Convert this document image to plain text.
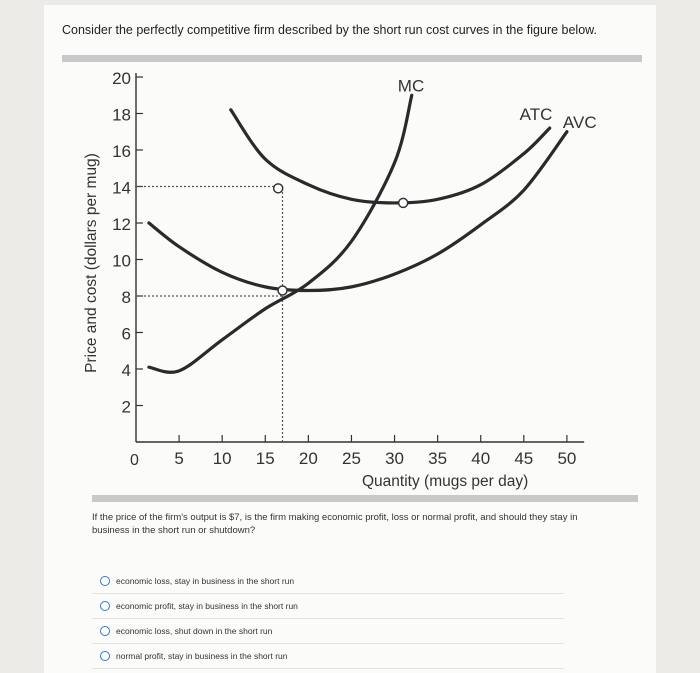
Consider the perfectly competitive firm described by the short run cost curves in the figure below.
Price and cost (dollars per mug)
Quantity (mugs per day)
0
2
4
6
8
10
12
14
16
18
20
5 10 15 20 25 30 35 40 45 50
MC
ATC AVC
If the price of the firm's output is $7, is the firm making economic profit, loss or normal profit, and should they stay in business in the short run or shutdown?
economic loss, stay in business in the short run
economic profit, stay in business in the short run
economic loss, shut down in the short run
normal profit, stay in business in the short run
